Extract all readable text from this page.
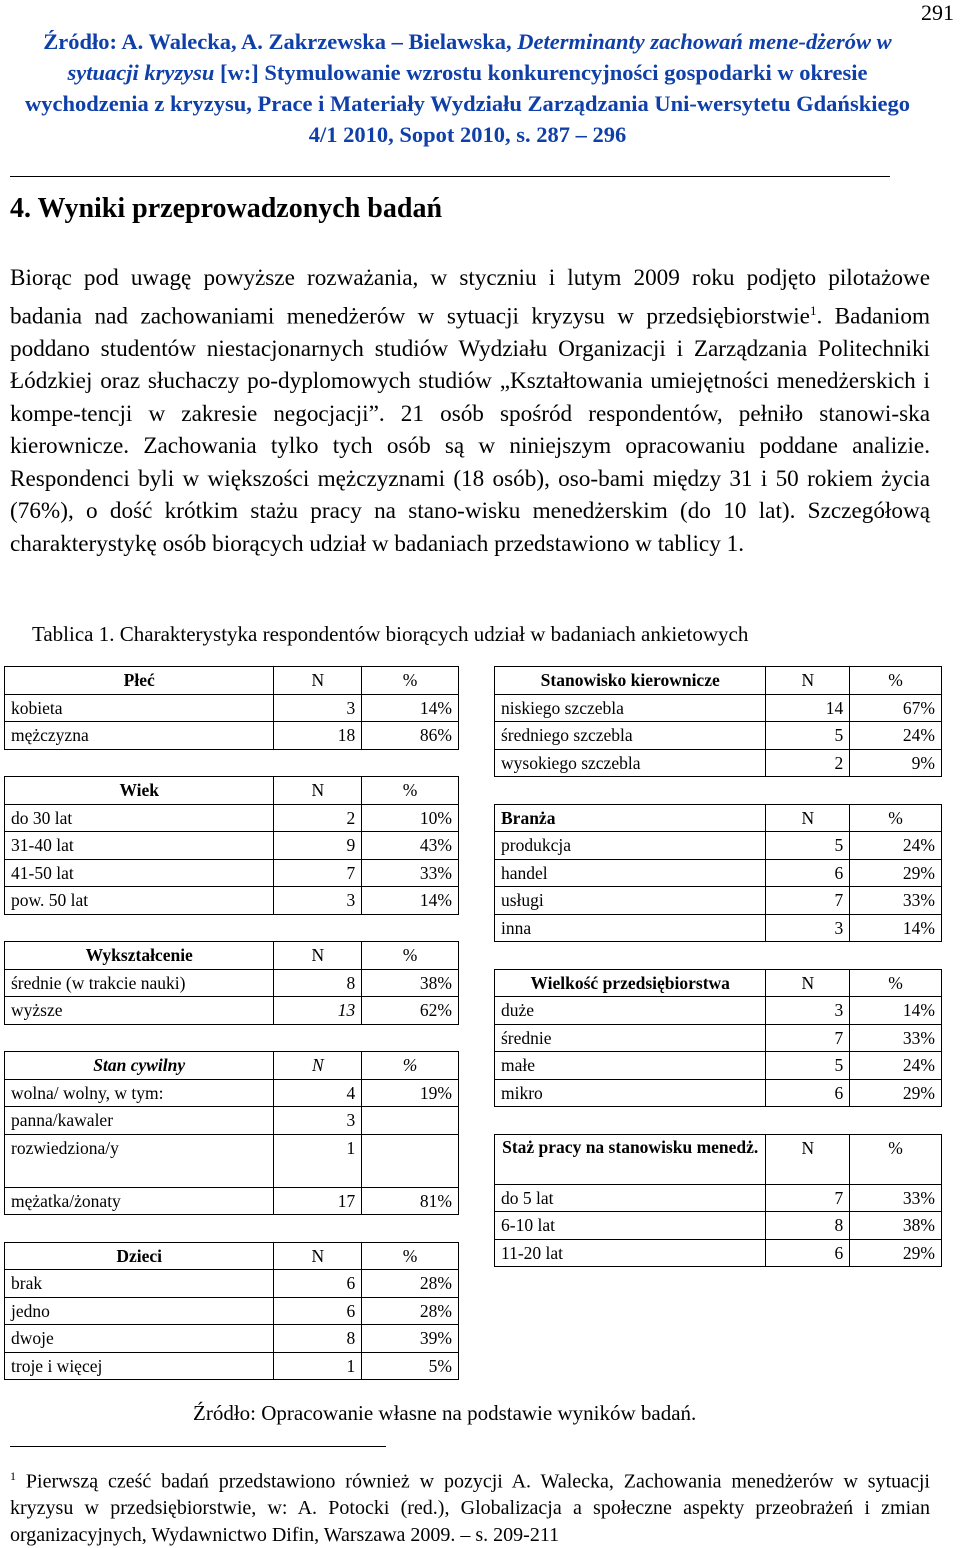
291
Źródło: A. Walecka, A. Zakrzewska – Bielawska, Determinanty zachowań mene-dżerów w sytuacji kryzysu [w:] Stymulowanie wzrostu konkurencyjności gospodarki w okresie wychodzenia z kryzysu, Prace i Materiały Wydziału Zarządzania Uni-wersytetu Gdańskiego 4/1 2010, Sopot 2010, s. 287 – 296
4. Wyniki przeprowadzonych badań

Biorąc pod uwagę powyższe rozważania, w styczniu i lutym 2009 roku podjęto pilotażowe badania nad zachowaniami menedżerów w sytuacji kryzysu w przedsiębiorstwie$^1$. Badaniom poddano studentów niestacjonarnych studiów Wydziału Organizacji i Zarządzania Politechniki Łódzkiej oraz słuchaczy po-dyplomowych studiów „Kształtowania umiejętności menedżerskich i kompe-tencji w zakresie negocjacji”. 21 osób spośród respondentów, pełniło stanowi-ska kierownicze. Zachowania tylko tych osób są w niniejszym opracowaniu poddane analizie. Respondenci byli w większości mężczyznami (18 osób), oso-bami między 31 i 50 rokiem życia (76%), o dość krótkim stażu pracy na stano-wisku menedżerskim (do 10 lat). Szczegółową charakterystykę osób biorących udział w badaniach przedstawiono w tablicy 1.

Tablica 1. Charakterystyka respondentów biorących udział w badaniach ankietowych
Płeć	N	%
kobieta	3	14%
mężczyzna	18	86%

Wiek	N	%
do 30 lat	2	10%
31-40 lat	9	43%
41-50 lat	7	33%
pow. 50 lat	3	14%

Wykształcenie	N	%
średnie (w trakcie nauki)	8	38%
wyższe	13	62%

Stan cywilny	N	%
wolna/ wolny, w tym:	4	19%
panna/kawaler	3	
rozwiedziona/y	1	
mężatka/żonaty	17	81%

Dzieci	N	%
brak	6	28%
jedno	6	28%
dwoje	8	39%
troje i więcej	1	5%
Stanowisko kierownicze	N	%
niskiego szczebla	14	67%
średniego szczebla	5	24%
wysokiego szczebla	2	9%

Branża	N	%
produkcja	5	24%
handel	6	29%
usługi	7	33%
inna	3	14%

Wielkość przedsiębiorstwa	N	%
duże	3	14%
średnie	7	33%
małe	5	24%
mikro	6	29%

Staż pracy na stanowisku menedż.	N	%
do 5 lat	7	33%
6-10 lat	8	38%
11-20 lat	6	29%
Źródło: Opracowanie własne na podstawie wyników badań.

$^1$ Pierwszą cześć badań przedstawiono również w pozycji A. Walecka, Zachowania menedżerów w sytuacji kryzysu w przedsiębiorstwie, w: A. Potocki (red.), Globalizacja a społeczne aspekty przeobrażeń i zmian organizacyjnych, Wydawnictwo Difin, Warszawa 2009. – s. 209-211
